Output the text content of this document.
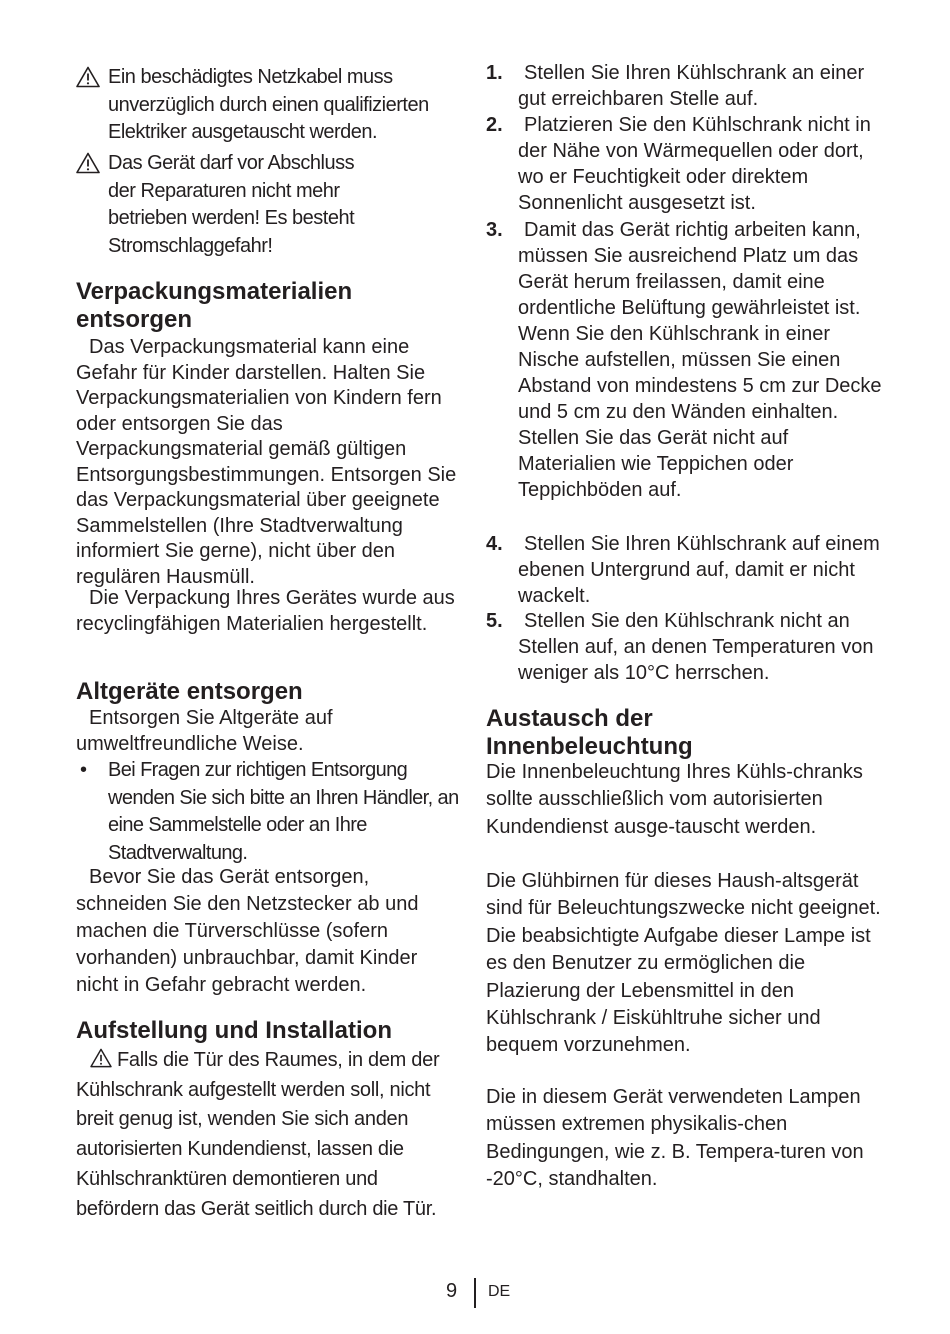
Ein beschädigtes Netzkabel muss unverzüglich durch einen qualifizierten Elektriker ausgetauscht werden.
Das Gerät darf vor Abschluss der Reparaturen nicht mehr betrieben werden! Es besteht Stromschlaggefahr!
Verpackungsmaterialien entsorgen

Das Verpackungsmaterial kann eine Gefahr für Kinder darstellen. Halten Sie Verpackungsmaterialien von Kindern fern oder entsorgen Sie das Verpackungsmaterial gemäß gültigen Entsorgungsbestimmungen. Entsorgen Sie das Verpackungsmaterial über geeignete Sammelstellen (Ihre Stadtverwaltung informiert Sie gerne), nicht über den regulären Hausmüll.

Die Verpackung Ihres Gerätes wurde aus recyclingfähigen Materialien hergestellt.

Altgeräte entsorgen

Entsorgen Sie Altgeräte auf umweltfreundliche Weise.

• Bei Fragen zur richtigen Entsorgung wenden Sie sich bitte an Ihren Händler, an eine Sammelstelle oder an Ihre Stadtverwaltung.

Bevor Sie das Gerät entsorgen, schneiden Sie den Netzstecker ab und machen die Türverschlüsse (sofern vorhanden) unbrauchbar, damit Kinder nicht in Gefahr gebracht werden.

Aufstellung und Installation

Falls die Tür des Raumes, in dem der Kühlschrank aufgestellt werden soll, nicht breit genug ist, wenden Sie sich anden autorisierten Kundendienst, lassen die Kühlschranktüren demontieren und befördern das Gerät seitlich durch die Tür.

1.	Stellen Sie Ihren Kühlschrank an einer gut erreichbaren Stelle auf.
2.	Platzieren Sie den Kühlschrank nicht in der Nähe von Wärmequellen oder dort, wo er Feuchtigkeit oder direktem Sonnenlicht ausgesetzt ist.
3.	Damit das Gerät richtig arbeiten kann, müssen Sie ausreichend Platz um das Gerät herum freilassen, damit eine ordentliche Belüftung gewährleistet ist. Wenn Sie den Kühlschrank in einer Nische aufstellen, müssen Sie einen Abstand von mindestens 5 cm zur Decke und 5 cm zu den Wänden einhalten. Stellen Sie das Gerät nicht auf Materialien wie Teppichen oder Teppichböden auf.
4.	Stellen Sie Ihren Kühlschrank auf einem ebenen Untergrund auf, damit er nicht wackelt.
5.	Stellen Sie den Kühlschrank nicht an Stellen auf, an denen Temperaturen von weniger als 10°C herrschen.
Austausch der Innenbeleuchtung

Die Innenbeleuchtung Ihres Kühls-chranks sollte ausschließlich vom autorisierten Kundendienst ausge-tauscht werden.

Die Glühbirnen für dieses Haush-altsgerät sind für Beleuchtungszwecke nicht geeignet. Die beabsichtigte Aufgabe dieser Lampe ist es den Benutzer zu ermöglichen die Plazierung der Lebensmittel in den Kühlschrank / Eiskühltruhe sicher und bequem vorzunehmen.

Die in diesem Gerät verwendeten Lampen müssen extremen physikalis-chen Bedingungen, wie z. B. Tempera-turen von -20°C, standhalten.

9 DE
